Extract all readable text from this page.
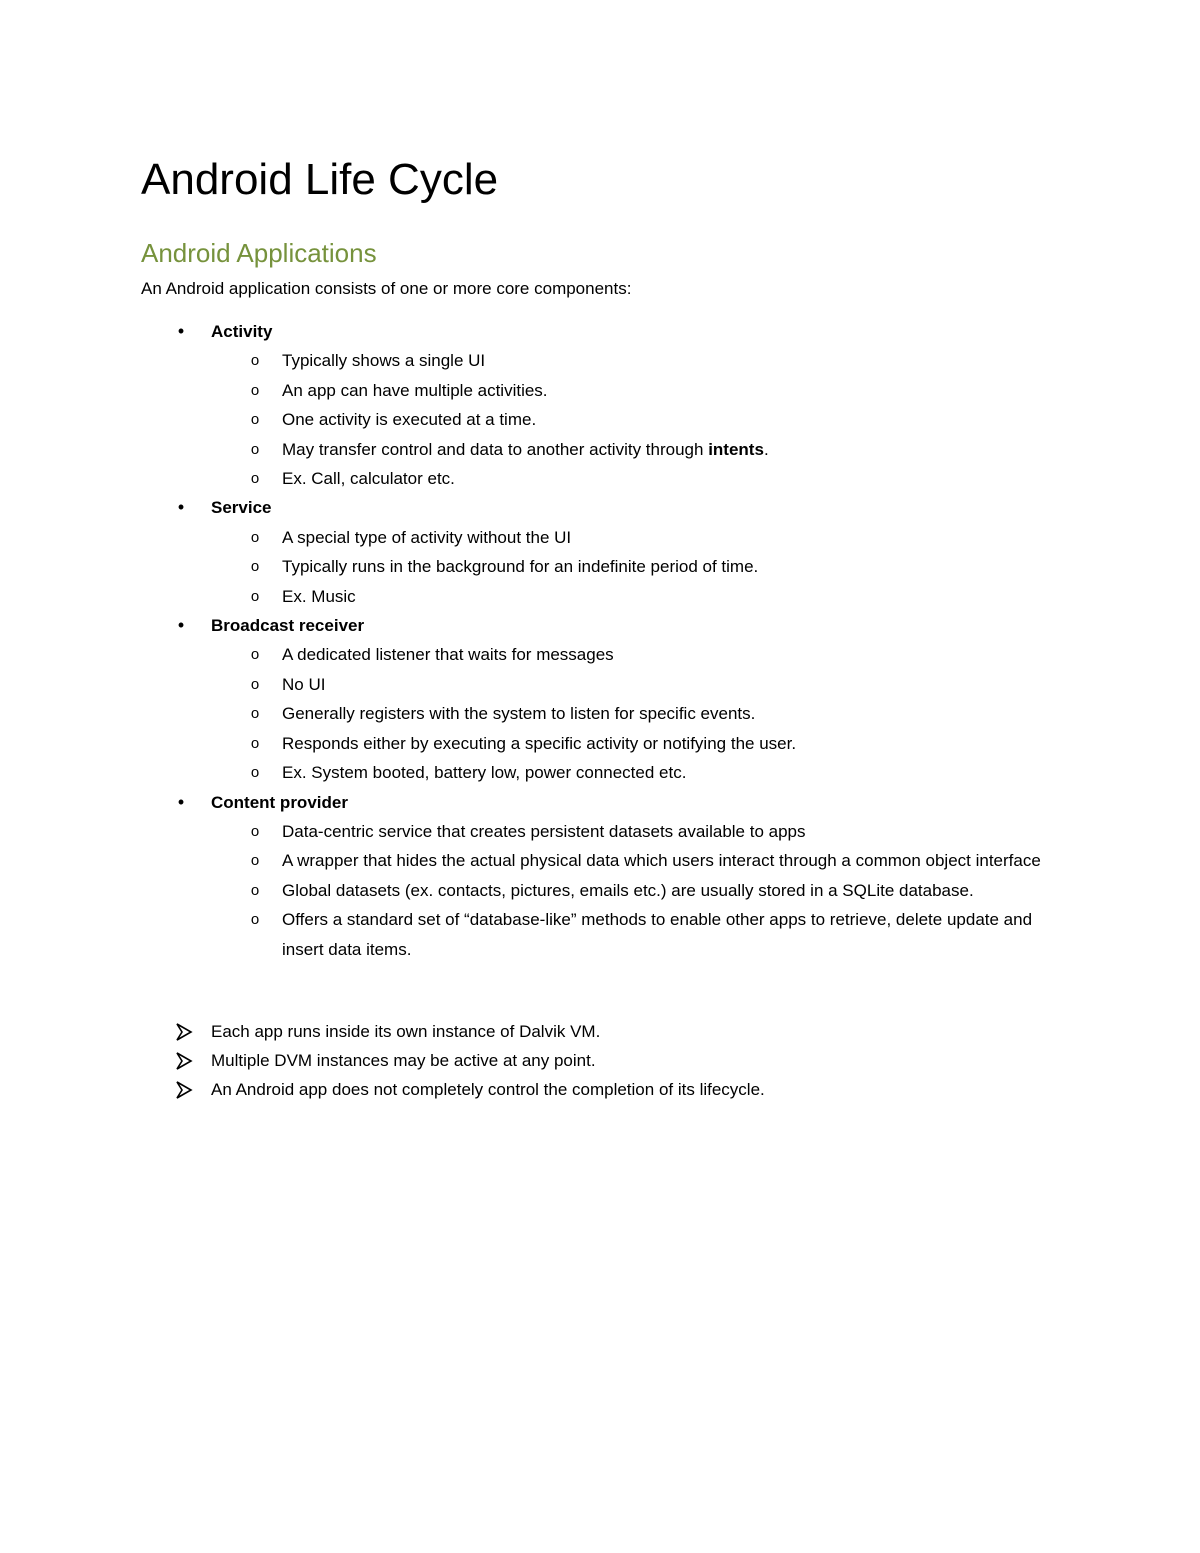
Android Life Cycle
Android Applications

An Android application consists of one or more core components:

• Activity
o Typically shows a single UI
o An app can have multiple activities.
o One activity is executed at a time.
o May transfer control and data to another activity through intents.
o Ex. Call, calculator etc.
• Service
o A special type of activity without the UI
o Typically runs in the background for an indefinite period of time.
o Ex. Music
• Broadcast receiver
o A dedicated listener that waits for messages
o No UI
o Generally registers with the system to listen for specific events.
o Responds either by executing a specific activity or notifying the user.
o Ex. System booted, battery low, power connected etc.
• Content provider
o Data-centric service that creates persistent datasets available to apps
o A wrapper that hides the actual physical data which users interact through a common object interface
o Global datasets (ex. contacts, pictures, emails etc.) are usually stored in a SQLite database.
o Offers a standard set of “database-like” methods to enable other apps to retrieve, delete update and insert data items.
Each app runs inside its own instance of Dalvik VM.
Multiple DVM instances may be active at any point.
An Android app does not completely control the completion of its lifecycle.
